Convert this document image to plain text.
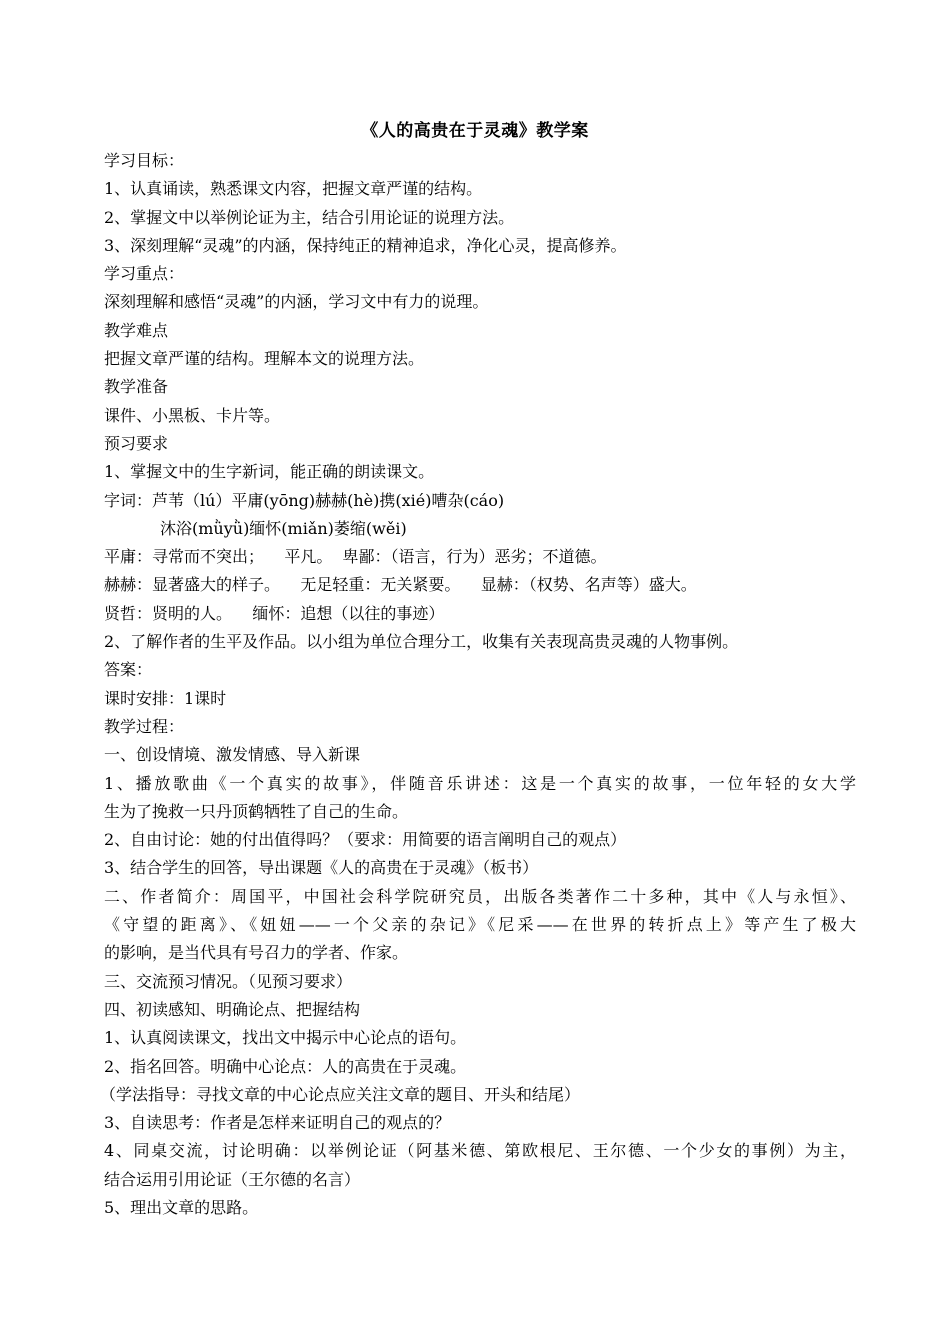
《人的高贵在于灵魂》教学案
学习目标：
1、认真诵读，熟悉课文内容，把握文章严谨的结构。
2、掌握文中以举例论证为主，结合引用论证的说理方法。
3、深刻理解“灵魂”的内涵，保持纯正的精神追求，净化心灵，提高修养。
学习重点：
深刻理解和感悟“灵魂”的内涵，学习文中有力的说理。
教学难点
把握文章严谨的结构。理解本文的说理方法。
教学准备
课件、小黑板、卡片等。
预习要求
1、掌握文中的生字新词，能正确的朗读课文。
字词：芦苇（lú）平庸(yōng)赫赫(hè)携(xié)嘈杂(cáo)
沐浴(mǜyǜ)缅怀(miǎn)萎缩(wěi)
平庸：寻常而不突出；    平凡。  卑鄙：（语言，行为）恶劣；不道德。
赫赫：显著盛大的样子。    无足轻重：无关紧要。    显赫：（权势、名声等）盛大。
贤哲：贤明的人。    缅怀：追想（以往的事迹）
2、了解作者的生平及作品。以小组为单位合理分工，收集有关表现高贵灵魂的人物事例。
答案：
课时安排：1课时
教学过程：
一、创设情境、激发情感、导入新课
1、播放歌曲《一个真实的故事》，伴随音乐讲述：这是一个真实的故事，一位年轻的女大学
生为了挽救一只丹顶鹤牺牲了自己的生命。
2、自由讨论：她的付出值得吗？（要求：用简要的语言阐明自己的观点）
3、结合学生的回答，导出课题《人的高贵在于灵魂》（板书）
二、作者简介：周国平，中国社会科学院研究员，出版各类著作二十多种，其中《人与永恒》、
《守望的距离》、《妞妞——一个父亲的杂记》《尼采——在世界的转折点上》等产生了极大
的影响，是当代具有号召力的学者、作家。
三、交流预习情况。（见预习要求）
四、初读感知、明确论点、把握结构
1、认真阅读课文，找出文中揭示中心论点的语句。
2、指名回答。明确中心论点：人的高贵在于灵魂。
（学法指导：寻找文章的中心论点应关注文章的题目、开头和结尾）
3、自读思考：作者是怎样来证明自己的观点的？
4、同桌交流，讨论明确：以举例论证（阿基米德、第欧根尼、王尔德、一个少女的事例）为主，
结合运用引用论证（王尔德的名言）
5、理出文章的思路。
